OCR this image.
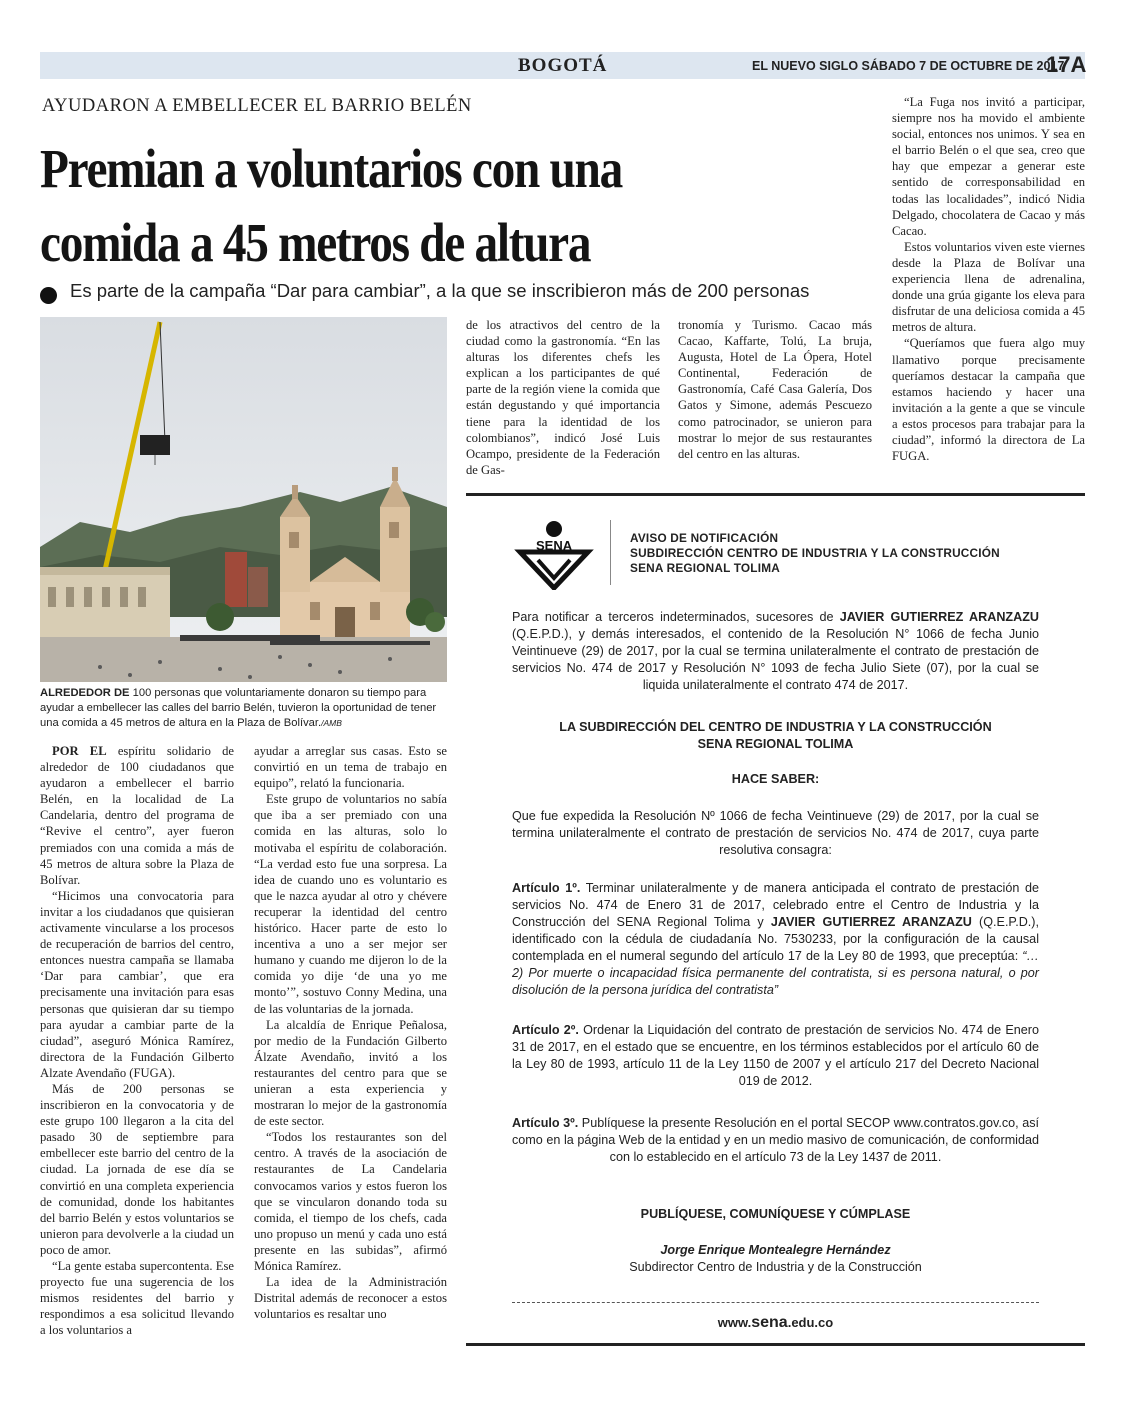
BOGOTÁ	EL NUEVO SIGLO SÁBADO 7 DE OCTUBRE DE 2017
17A
AYUDARON A EMBELLECER EL BARRIO BELÉN
Premian a voluntarios con una
comida a 45 metros de altura
Es parte de la campaña “Dar para cambiar”, a la que se inscribieron más de 200 personas
ALREDEDOR DE 100 personas que voluntariamente donaron su tiempo para ayudar a embellecer las calles del barrio Belén, tuvieron la oportunidad de tener una comida a 45 metros de altura en la Plaza de Bolívar./AMB

POR EL espíritu solidario de alrededor de 100 ciudadanos que ayudaron a embellecer el barrio Belén, en la localidad de La Candelaria, dentro del programa de “Revive el centro”, ayer fueron premiados con una comida a más de 45 metros de altura sobre la Plaza de Bolívar.

“Hicimos una convocatoria para invitar a los ciudadanos que quisieran activamente vincularse a los procesos de recuperación de barrios del centro, entonces nuestra campaña se llamaba ‘Dar para cambiar’, que era precisamente una invitación para esas personas que quisieran dar su tiempo para ayudar a cambiar parte de la ciudad”, aseguró Mónica Ramírez, directora de la Fundación Gilberto Alzate Avendaño (FUGA).

Más de 200 personas se inscribieron en la convocatoria y de este grupo 100 llegaron a la cita del pasado 30 de septiembre para embellecer este barrio del centro de la ciudad. La jornada de ese día se convirtió en una completa experiencia de comunidad, donde los habitantes del barrio Belén y estos voluntarios se unieron para devolverle a la ciudad un poco de amor.

“La gente estaba supercontenta. Ese proyecto fue una sugerencia de los mismos residentes del barrio y respondimos a esa solicitud llevando a los voluntarios a

ayudar a arreglar sus casas. Esto se convirtió en un tema de trabajo en equipo”, relató la funcionaria.

Este grupo de voluntarios no sabía que iba a ser premiado con una comida en las alturas, solo lo motivaba el espíritu de colaboración. “La verdad esto fue una sorpresa. La idea de cuando uno es voluntario es que le nazca ayudar al otro y chévere recuperar la identidad del centro histórico. Hacer parte de esto lo incentiva a uno a ser mejor ser humano y cuando me dijeron lo de la comida yo dije ‘de una yo me monto’”, sostuvo Conny Medina, una de las voluntarias de la jornada.

La alcaldía de Enrique Peñalosa, por medio de la Fundación Gilberto Álzate Avendaño, invitó a los restaurantes del centro para que se unieran a esta experiencia y mostraran lo mejor de la gastronomía de este sector.

“Todos los restaurantes son del centro. A través de la asociación de restaurantes de La Candelaria convocamos varios y estos fueron los que se vincularon donando toda su comida, el tiempo de los chefs, cada uno propuso un menú y cada uno está presente en las subidas”, afirmó Mónica Ramírez.

La idea de la Administración Distrital además de reconocer a estos voluntarios es resaltar uno

de los atractivos del centro de la ciudad como la gastronomía. “En las alturas los diferentes chefs les explican a los participantes de qué parte de la región viene la comida que están degustando y qué importancia tiene para la identidad de los colombianos”, indicó José Luis Ocampo, presidente de la Federación de Gas-

tronomía y Turismo. Cacao más Cacao, Kaffarte, Tolú, La bruja, Augusta, Hotel de La Ópera, Hotel Continental, Federación de Gastronomía, Café Casa Galería, Dos Gatos y Simone, además Pescuezo como patrocinador, se unieron para mostrar lo mejor de sus restaurantes del centro en las alturas.

“La Fuga nos invitó a participar, siempre nos ha movido el ambiente social, entonces nos unimos. Y sea en el barrio Belén o el que sea, creo que hay que empezar a generar este sentido de corresponsabilidad en todas las localidades”, indicó Nidia Delgado, chocolatera de Cacao y más Cacao.

Estos voluntarios viven este viernes desde la Plaza de Bolívar una experiencia llena de adrenalina, donde una grúa gigante los eleva para disfrutar de una deliciosa comida a 45 metros de altura.

“Queríamos que fuera algo muy llamativo porque precisamente queríamos destacar la campaña que estamos haciendo y hacer una invitación a la gente a que se vincule a estos procesos para trabajar para la ciudad”, informó la directora de La FUGA.

SENA	AVISO DE NOTIFICACIÓN
SUBDIRECCIÓN CENTRO DE INDUSTRIA Y LA CONSTRUCCIÓN
SENA REGIONAL TOLIMA
Para notificar a terceros indeterminados, sucesores de JAVIER GUTIERREZ ARANZAZU (Q.E.P.D.), y demás interesados, el contenido de la Resolución N° 1066 de fecha Junio Veintinueve (29) de 2017, por la cual se termina unilateralmente el contrato de prestación de servicios No. 474 de 2017 y Resolución N° 1093 de fecha Julio Siete (07), por la cual se liquida unilateralmente el contrato 474 de 2017.
LA SUBDIRECCIÓN DEL CENTRO DE INDUSTRIA Y LA CONSTRUCCIÓN
SENA REGIONAL TOLIMA
HACE SABER:
Que fue expedida la Resolución Nº 1066 de fecha Veintinueve (29) de 2017, por la cual se termina unilateralmente el contrato de prestación de servicios No. 474 de 2017, cuya parte resolutiva consagra:
Artículo 1º. Terminar unilateralmente y de manera anticipada el contrato de prestación de servicios No. 474 de Enero 31 de 2017, celebrado entre el Centro de Industria y la Construcción del SENA Regional Tolima y JAVIER GUTIERREZ ARANZAZU (Q.E.P.D.), identificado con la cédula de ciudadanía No. 7530233, por la configuración de la causal contemplada en el numeral segundo del artículo 17 de la Ley 80 de 1993, que preceptúa: “… 2) Por muerte o incapacidad física permanente del contratista, si es persona natural, o por disolución de la persona jurídica del contratista”
Artículo 2º. Ordenar la Liquidación del contrato de prestación de servicios No. 474 de Enero 31 de 2017, en el estado que se encuentre, en los términos establecidos por el artículo 60 de la Ley 80 de 1993, artículo 11 de la Ley 1150 de 2007 y el artículo 217 del Decreto Nacional 019 de 2012.
Artículo 3º. Publíquese la presente Resolución en el portal SECOP www.contratos.gov.co, así como en la página Web de la entidad y en un medio masivo de comunicación, de conformidad con lo establecido en el artículo 73 de la Ley 1437 de 2011.
PUBLÍQUESE, COMUNÍQUESE Y CÚMPLASE
Jorge Enrique Montealegre Hernández
Subdirector Centro de Industria y de la Construcción
www.sena.edu.co
